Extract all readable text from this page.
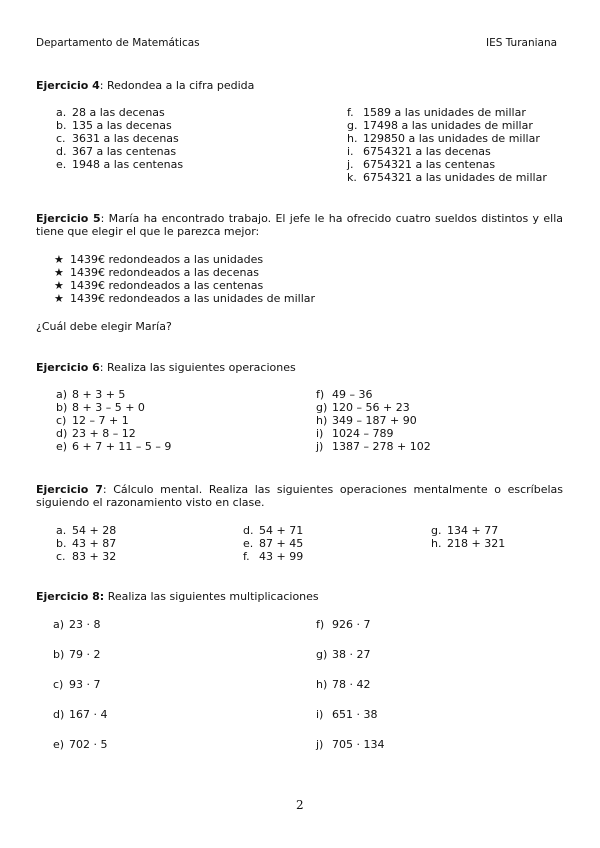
Departamento de Matemáticas	IES Turaniana
Ejercicio 4: Redondea a la cifra pedida
a. 28 a las decenas
b. 135 a las decenas
c. 3631 a las decenas
d. 367 a las centenas
e. 1948 a las centenas
f. 1589 a las unidades de millar
g. 17498 a las unidades de millar
h. 129850 a las unidades de millar
i. 6754321 a las decenas
j. 6754321 a las centenas
k. 6754321 a las unidades de millar
Ejercicio 5: María ha encontrado trabajo. El jefe le ha ofrecido cuatro sueldos distintos y ella tiene que elegir el que le parezca mejor:
★ 1439€ redondeados a las unidades
★ 1439€ redondeados a las decenas
★ 1439€ redondeados a las centenas
★ 1439€ redondeados a las unidades de millar
¿Cuál debe elegir María?
Ejercicio 6: Realiza las siguientes operaciones
a) 8 + 3 + 5
b) 8 + 3 – 5 + 0
c) 12 – 7 + 1
d) 23 + 8 – 12
e) 6 + 7 + 11 – 5 – 9
f) 49 – 36
g) 120 – 56 + 23
h) 349 – 187 + 90
i) 1024 – 789
j) 1387 – 278 + 102
Ejercicio 7: Cálculo mental. Realiza las siguientes operaciones mentalmente o escríbelas siguiendo el razonamiento visto en clase.
a. 54 + 28
b. 43 + 87
c. 83 + 32
d. 54 + 71
e. 87 + 45
f. 43 + 99
g. 134 + 77
h. 218 + 321
Ejercicio 8: Realiza las siguientes multiplicaciones
a) 23 · 8
b) 79 · 2
c) 93 · 7
d) 167 · 4
e) 702 · 5
f) 926 · 7
g) 38 · 27
h) 78 · 42
i) 651 · 38
j) 705 · 134
2
